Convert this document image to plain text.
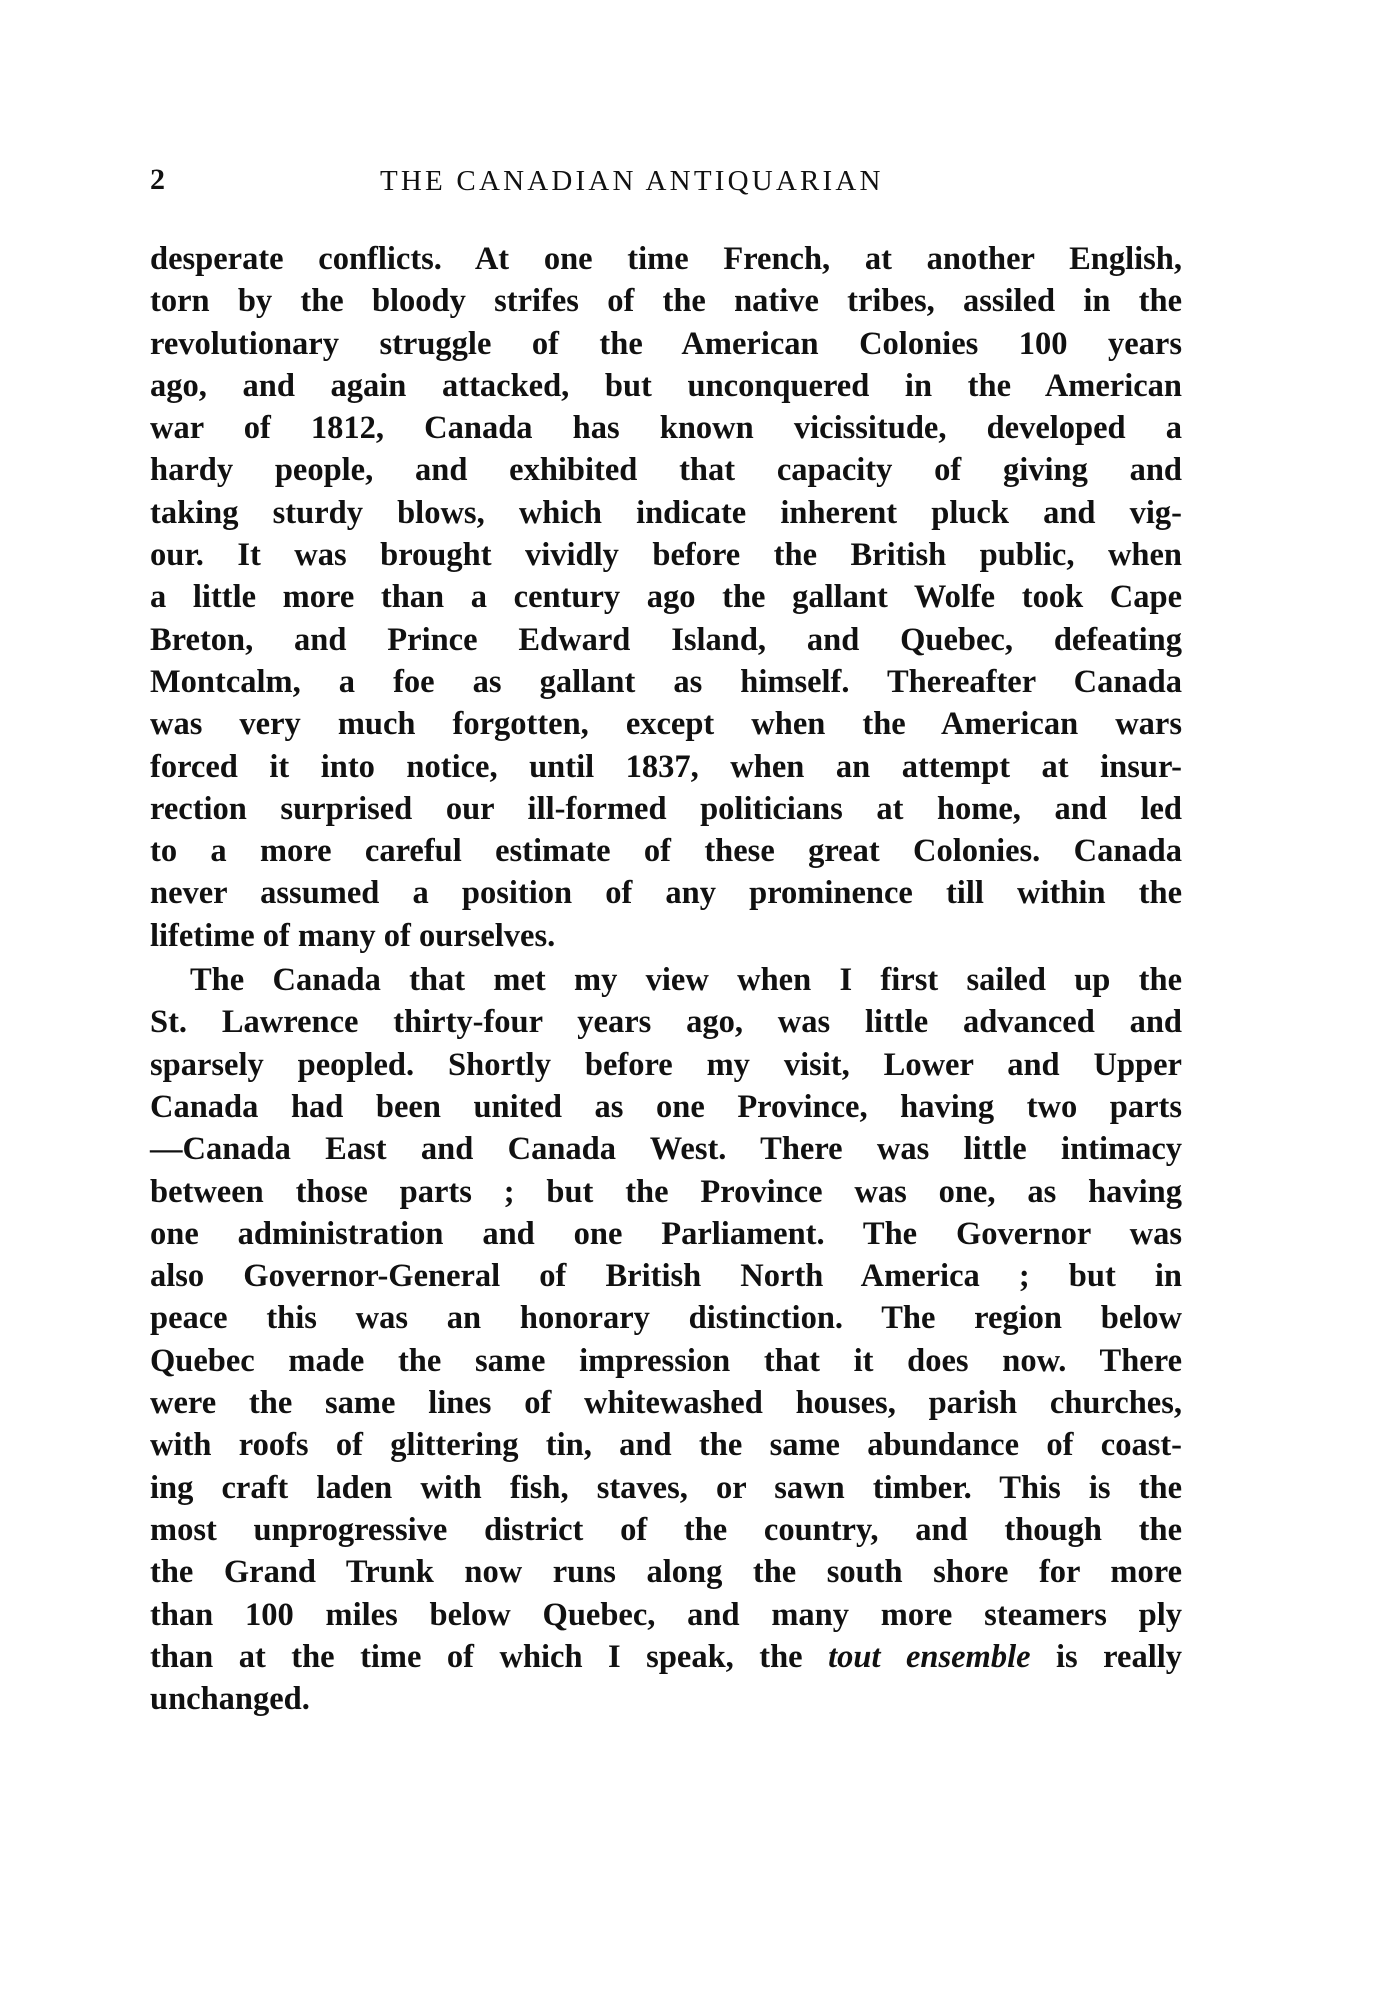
2	THE CANADIAN ANTIQUARIAN
desperate conflicts. At one time French, at another English,
torn by the bloody strifes of the native tribes, assiled in the
revolutionary struggle of the American Colonies 100 years
ago, and again attacked, but unconquered in the American
war of 1812, Canada has known vicissitude, developed a
hardy people, and exhibited that capacity of giving and
taking sturdy blows, which indicate inherent pluck and vig-
our. It was brought vividly before the British public, when
a little more than a century ago the gallant Wolfe took Cape
Breton, and Prince Edward Island, and Quebec, defeating
Montcalm, a foe as gallant as himself. Thereafter Canada
was very much forgotten, except when the American wars
forced it into notice, until 1837, when an attempt at insur-
rection surprised our ill-formed politicians at home, and led
to a more careful estimate of these great Colonies. Canada
never assumed a position of any prominence till within the
lifetime of many of ourselves.
The Canada that met my view when I first sailed up the
St. Lawrence thirty-four years ago, was little advanced and
sparsely peopled. Shortly before my visit, Lower and Upper
Canada had been united as one Province, having two parts
—Canada East and Canada West. There was little intimacy
between those parts ; but the Province was one, as having
one administration and one Parliament. The Governor was
also Governor-General of British North America ; but in
peace this was an honorary distinction. The region below
Quebec made the same impression that it does now. There
were the same lines of whitewashed houses, parish churches,
with roofs of glittering tin, and the same abundance of coast-
ing craft laden with fish, staves, or sawn timber. This is the
most unprogressive district of the country, and though the
the Grand Trunk now runs along the south shore for more
than 100 miles below Quebec, and many more steamers ply
than at the time of which I speak, the tout ensemble is really
unchanged.
